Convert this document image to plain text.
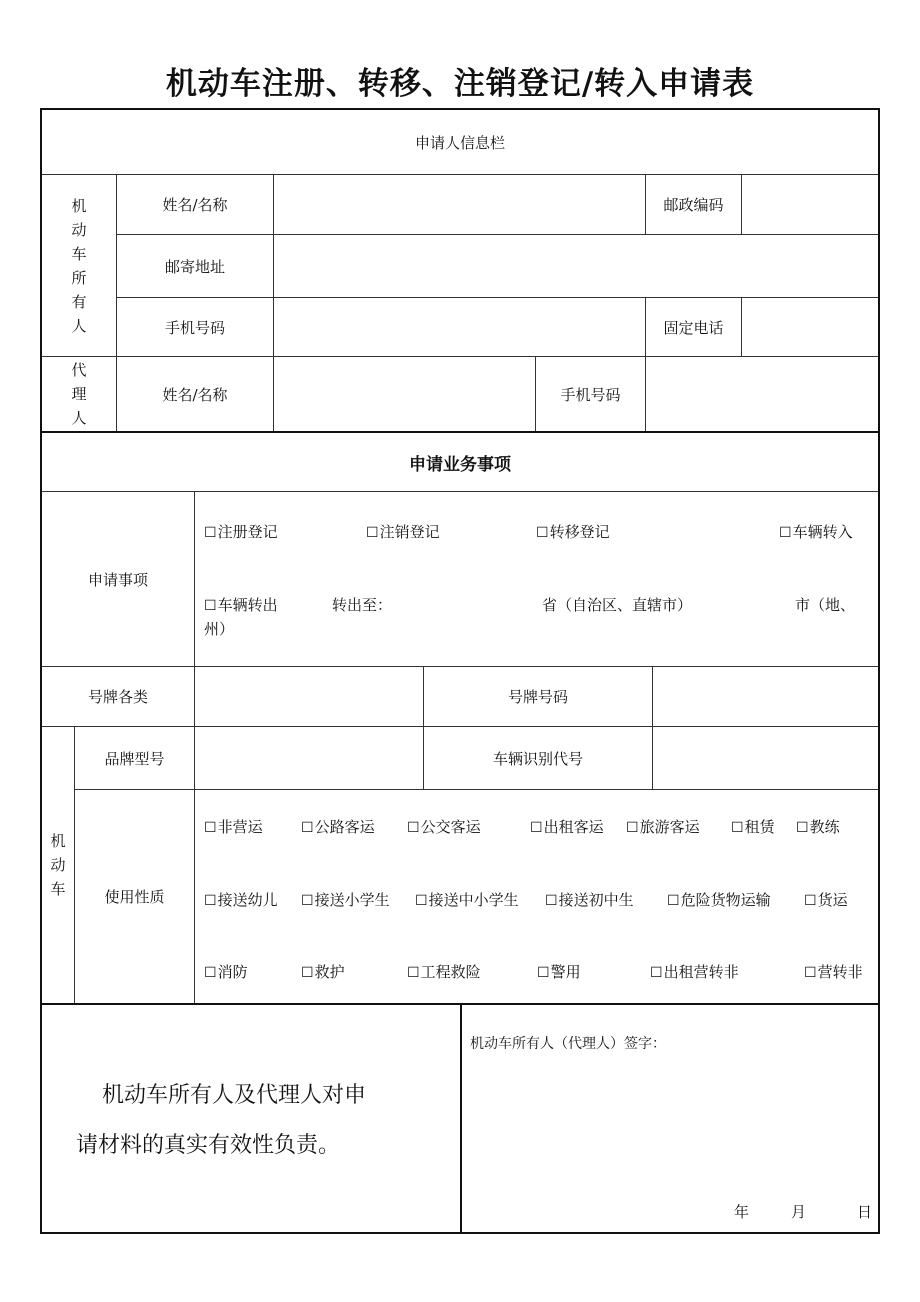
机动车注册、转移、注销登记/转入申请表
申请人信息栏
机
动
车
所
有
人
姓名/名称	邮政编码
邮寄地址
手机号码	固定电话
代
理
人
姓名/名称	手机号码
申请业务事项
申请事项
☐ 注册登记	☐ 注销登记	☐ 转移登记	☐ 车辆转入
☐ 车辆转出	转出至：	省（自治区、直辖市）	市（地、
州）
号牌各类	号牌号码
机
动
车
品牌型号	车辆识别代号
使用性质
☐ 非营运	☐ 公路客运	☐ 公交客运	☐ 出租客运	☐ 旅游客运	☐ 租赁	☐ 教练
☐ 接送幼儿	☐ 接送小学生	☐ 接送中小学生	☐ 接送初中生	☐ 危险货物运输	☐ 货运
☐ 消防	☐ 救护	☐ 工程救险	☐ 警用	☐ 出租营转非	☐ 营转非
机动车所有人及代理人对申
请材料的真实有效性负责。
机动车所有人（代理人）签字：
年	月	日
